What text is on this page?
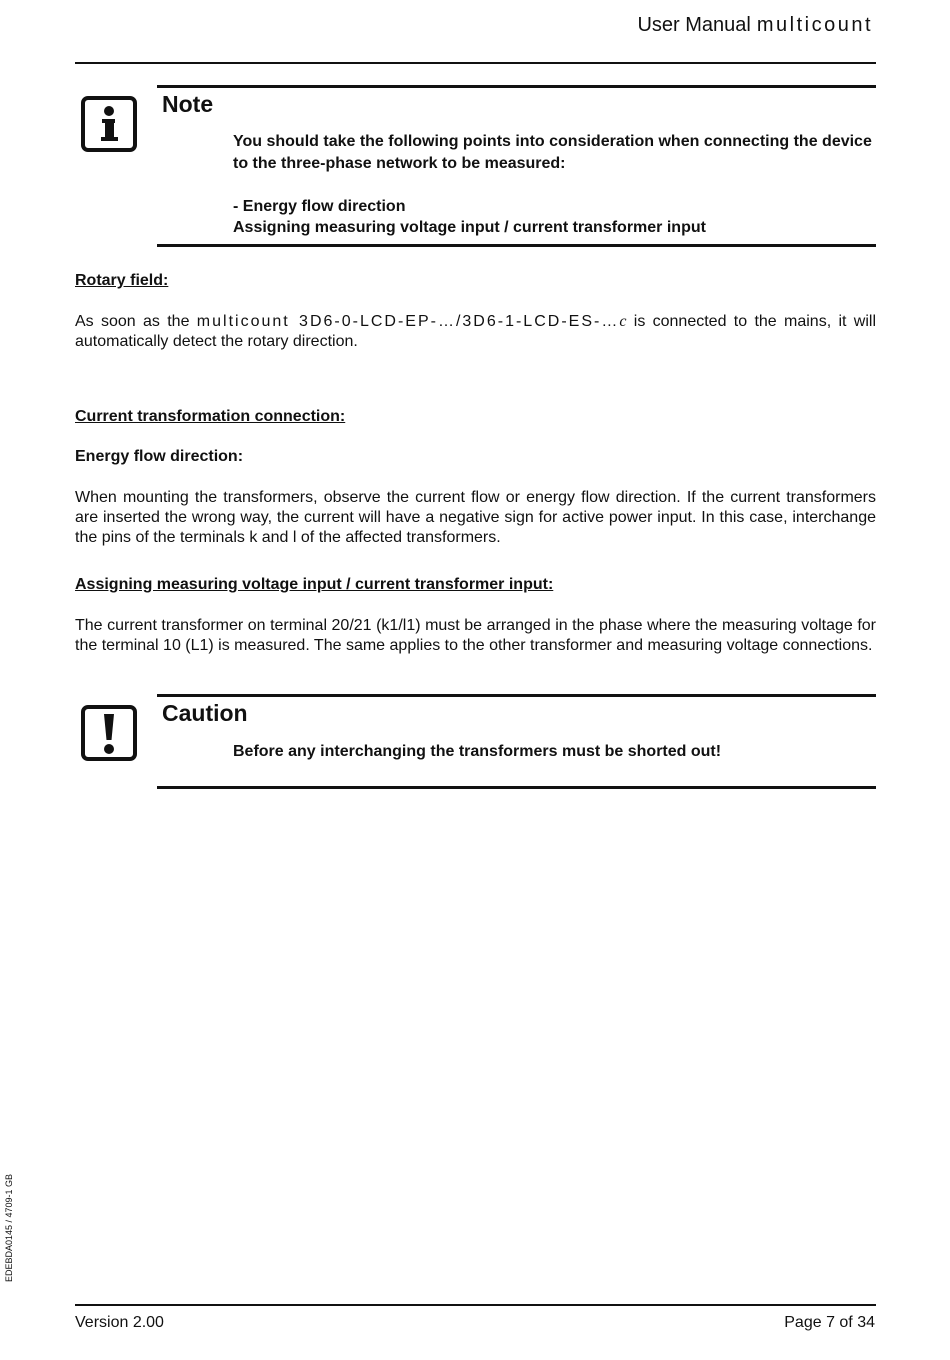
User Manual multicount
Note

You should take the following points into consideration when connecting the device to the three-phase network to be measured:

- Energy flow direction

Assigning measuring voltage input / current transformer input

Rotary field:

As soon as the multicount 3D6-0-LCD-EP-…/3D6-1-LCD-ES-…c is connected to the mains, it will automatically detect the rotary direction.

Current transformation connection:
Energy flow direction:

When mounting the transformers, observe the current flow or energy flow direction. If the current transformers are inserted the wrong way, the current will have a negative sign for active power input. In this case, interchange the pins of the terminals k and l of the affected transformers.

Assigning measuring voltage input / current transformer input:

The current transformer on terminal 20/21 (k1/l1) must be arranged in the phase where the measuring voltage for the terminal 10 (L1) is measured. The same applies to the other transformer and measuring voltage connections.

Caution
Before any interchanging the transformers must be shorted out!
EDEBDA0145 / 4709-1 GB
Version 2.00	Page 7 of 34
